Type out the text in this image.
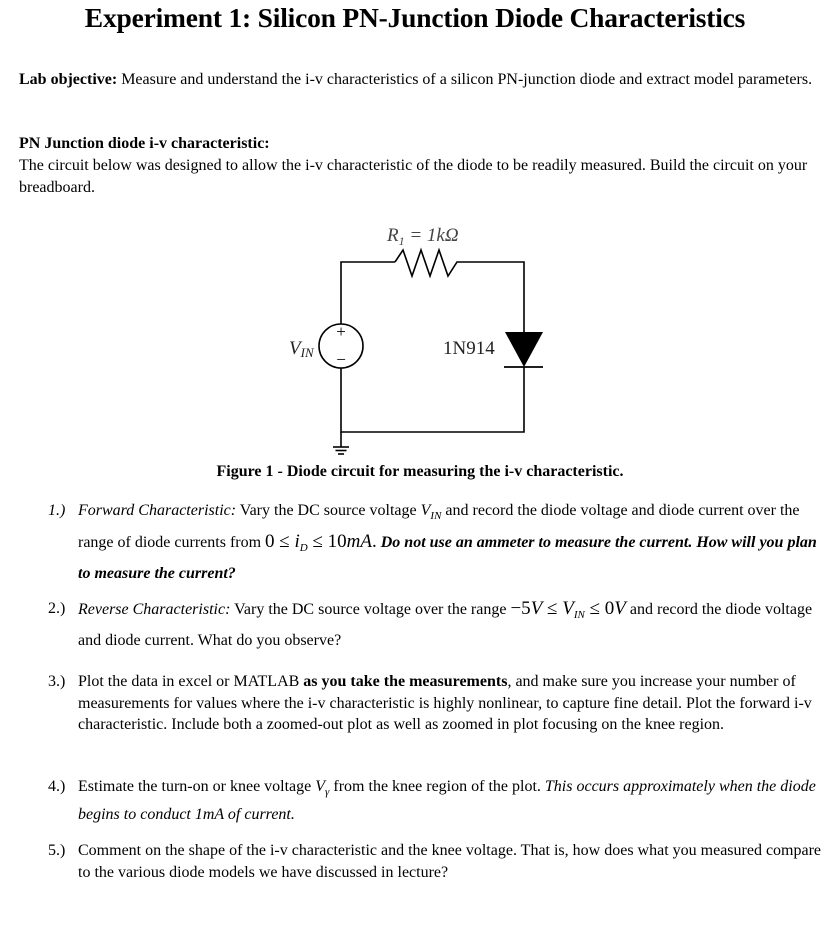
Experiment 1: Silicon PN-Junction Diode Characteristics
Lab objective: Measure and understand the i-v characteristics of a silicon PN-junction diode and extract model parameters.
PN Junction diode i-v characteristic:
The circuit below was designed to allow the i-v characteristic of the diode to be readily measured. Build the circuit on your breadboard.
+
−
VIN
$R_1 = 1k\Omega$
1N914
Figure 1 - Diode circuit for measuring the i-v characteristic.
1.) Forward Characteristic: Vary the DC source voltage $V_{IN}$ and record the diode voltage and diode current over the range of diode currents from $0 \le i_D \le 10mA$. Do not use an ammeter to measure the current. How will you plan to measure the current?
2.) Reverse Characteristic: Vary the DC source voltage over the range $-5V \le V_{IN} \le 0V$ and record the diode voltage and diode current. What do you observe?
3.) Plot the data in excel or MATLAB as you take the measurements, and make sure you increase your number of measurements for values where the i-v characteristic is highly nonlinear, to capture fine detail. Plot the forward i-v characteristic. Include both a zoomed-out plot as well as zoomed in plot focusing on the knee region.
4.) Estimate the turn-on or knee voltage $V_\gamma$ from the knee region of the plot. This occurs approximately when the diode begins to conduct 1mA of current.
5.) Comment on the shape of the i-v characteristic and the knee voltage. That is, how does what you measured compare to the various diode models we have discussed in lecture?
